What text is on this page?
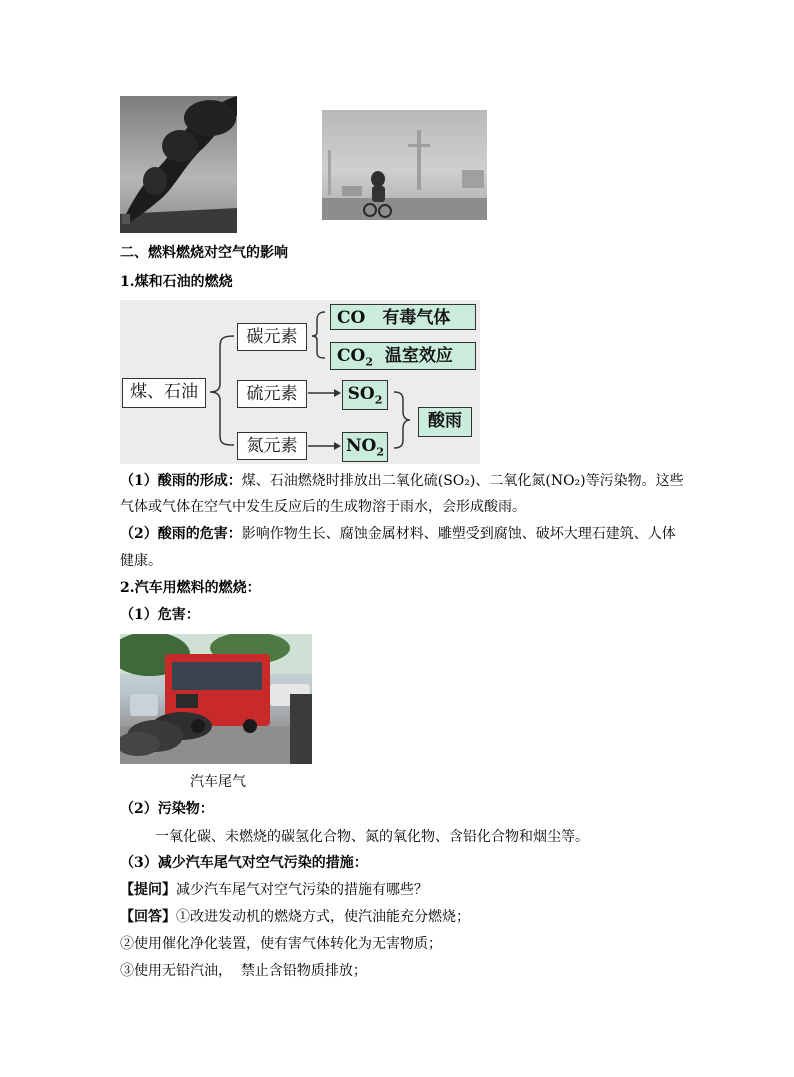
二、燃料燃烧对空气的影响
1.煤和石油的燃烧
煤、石油
碳元素
硫元素
氮元素
CO　有毒气体
$CO_2$ 温室效应
$SO_2$
$NO_2$
酸雨
（1）酸雨的形成：煤、石油燃烧时排放出二氧化硫(SO₂)、二氧化氮(NO₂)等污染物。这些
气体或气体在空气中发生反应后的生成物溶于雨水，会形成酸雨。
（2）酸雨的危害：影响作物生长、腐蚀金属材料、雕塑受到腐蚀、破坏大理石建筑、人体
健康。
2.汽车用燃料的燃烧：
（1）危害：
汽车尾气
（2）污染物：
一氧化碳、未燃烧的碳氢化合物、氮的氧化物、含铅化合物和烟尘等。
（3）减少汽车尾气对空气污染的措施：
【提问】减少汽车尾气对空气污染的措施有哪些？
【回答】①改进发动机的燃烧方式，使汽油能充分燃烧；
②使用催化净化装置，使有害气体转化为无害物质；
③使用无铅汽油，  禁止含铅物质排放；
